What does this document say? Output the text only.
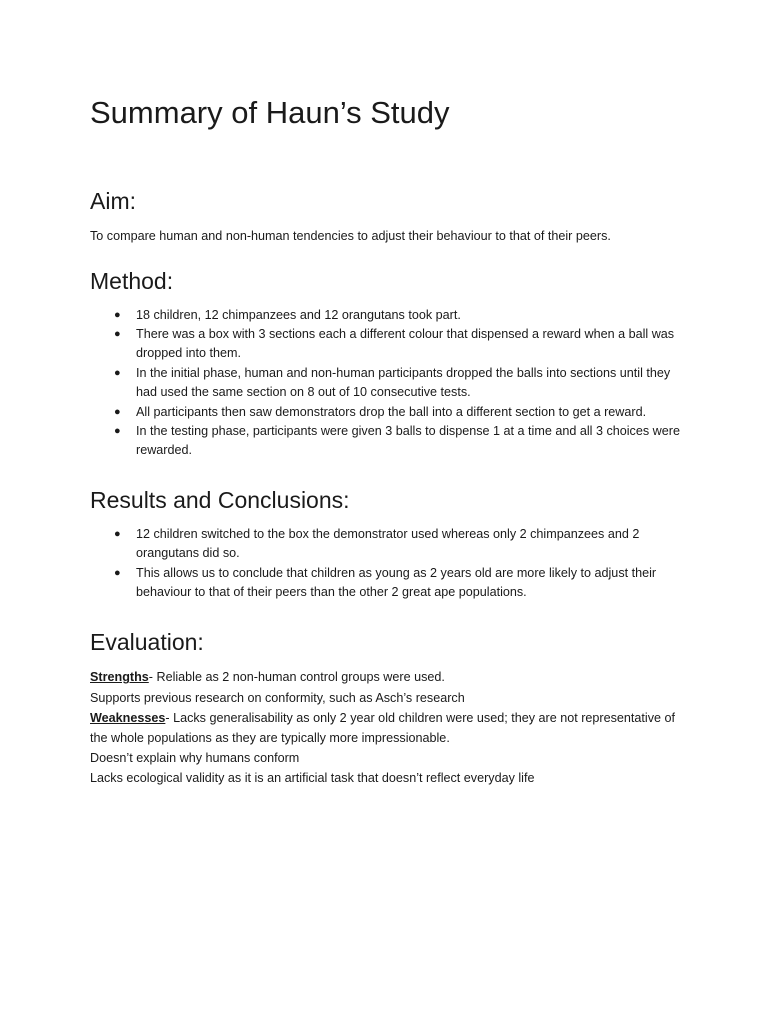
Summary of Haun’s Study
Aim:

To compare human and non-human tendencies to adjust their behaviour to that of their peers.

Method:
● 18 children, 12 chimpanzees and 12 orangutans took part.
● There was a box with 3 sections each a different colour that dispensed a reward when a ball was dropped into them.
● In the initial phase, human and non-human participants dropped the balls into sections until they had used the same section on 8 out of 10 consecutive tests.
● All participants then saw demonstrators drop the ball into a different section to get a reward.
● In the testing phase, participants were given 3 balls to dispense 1 at a time and all 3 choices were rewarded.
Results and Conclusions:
● 12 children switched to the box the demonstrator used whereas only 2 chimpanzees and 2 orangutans did so.
● This allows us to conclude that children as young as 2 years old are more likely to adjust their behaviour to that of their peers than the other 2 great ape populations.
Evaluation:

Strengths- Reliable as 2 non-human control groups were used.

Supports previous research on conformity, such as Asch’s research

Weaknesses- Lacks generalisability as only 2 year old children were used; they are not representative of the whole populations as they are typically more impressionable.

Doesn’t explain why humans conform

Lacks ecological validity as it is an artificial task that doesn’t reflect everyday life
